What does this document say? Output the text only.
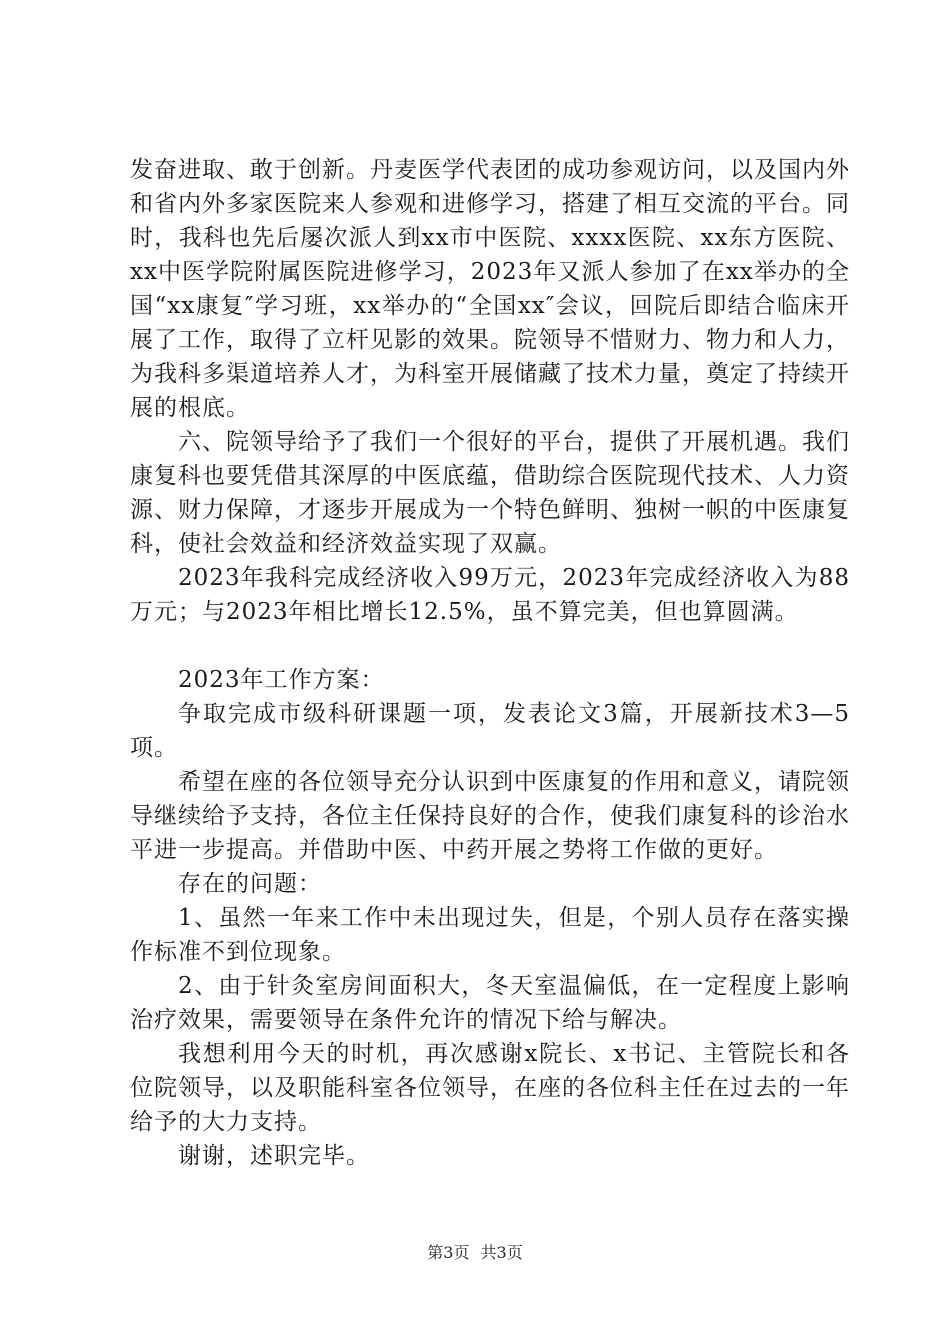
发奋进取、敢于创新。丹麦医学代表团的成功参观访问，以及国内外和省内外多家医院来人参观和进修学习，搭建了相互交流的平台。同时，我科也先后屡次派人到xx市中医院、xxxx医院、xx东方医院、xx中医学院附属医院进修学习，2023年又派人参加了在xx举办的全国“xx康复″学习班，xx举办的“全国xx″会议，回院后即结合临床开展了工作，取得了立杆见影的效果。院领导不惜财力、物力和人力，为我科多渠道培养人才，为科室开展储藏了技术力量，奠定了持续开展的根底。

六、院领导给予了我们一个很好的平台，提供了开展机遇。我们康复科也要凭借其深厚的中医底蕴，借助综合医院现代技术、人力资源、财力保障，才逐步开展成为一个特色鲜明、独树一帜的中医康复科，使社会效益和经济效益实现了双赢。

2023年我科完成经济收入99万元，2023年完成经济收入为88万元；与2023年相比增长12.5%，虽不算完美，但也算圆满。

2023年工作方案：

争取完成市级科研课题一项，发表论文3篇，开展新技术3—5项。

希望在座的各位领导充分认识到中医康复的作用和意义，请院领导继续给予支持，各位主任保持良好的合作，使我们康复科的诊治水平进一步提高。并借助中医、中药开展之势将工作做的更好。

存在的问题：

1、虽然一年来工作中未出现过失，但是，个别人员存在落实操作标准不到位现象。

2、由于针灸室房间面积大，冬天室温偏低，在一定程度上影响治疗效果，需要领导在条件允许的情况下给与解决。

我想利用今天的时机，再次感谢x院长、x书记、主管院长和各位院领导，以及职能科室各位领导，在座的各位科主任在过去的一年给予的大力支持。

谢谢，述职完毕。

第3页 共3页
